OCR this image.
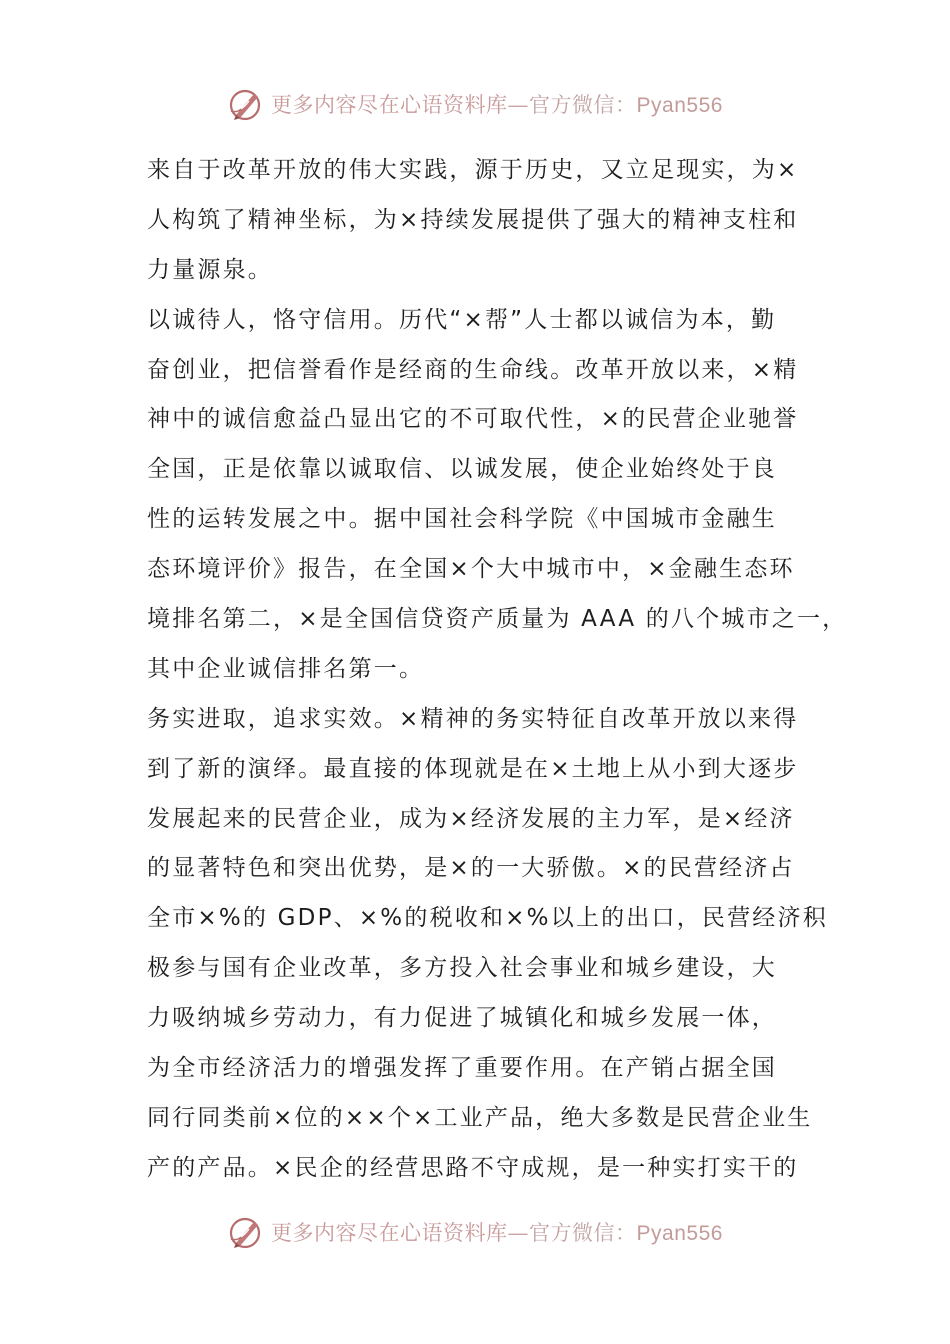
更多内容尽在心语资料库—官方微信：Pyan556
来自于改革开放的伟大实践，源于历史，又立足现实，为×
人构筑了精神坐标，为×持续发展提供了强大的精神支柱和
力量源泉。
以诚待人，恪守信用。历代“×帮”人士都以诚信为本，勤
奋创业，把信誉看作是经商的生命线。改革开放以来，×精
神中的诚信愈益凸显出它的不可取代性，×的民营企业驰誉
全国，正是依靠以诚取信、以诚发展，使企业始终处于良
性的运转发展之中。据中国社会科学院《中国城市金融生
态环境评价》报告，在全国×个大中城市中，×金融生态环
境排名第二，×是全国信贷资产质量为 AAA 的八个城市之一，
其中企业诚信排名第一。
务实进取，追求实效。×精神的务实特征自改革开放以来得
到了新的演绎。最直接的体现就是在×土地上从小到大逐步
发展起来的民营企业，成为×经济发展的主力军，是×经济
的显著特色和突出优势，是×的一大骄傲。×的民营经济占
全市×%的 GDP、×%的税收和×%以上的出口，民营经济积
极参与国有企业改革，多方投入社会事业和城乡建设，大
力吸纳城乡劳动力，有力促进了城镇化和城乡发展一体，
为全市经济活力的增强发挥了重要作用。在产销占据全国
同行同类前×位的××个×工业产品，绝大多数是民营企业生
产的产品。×民企的经营思路不守成规，是一种实打实干的
更多内容尽在心语资料库—官方微信：Pyan556
